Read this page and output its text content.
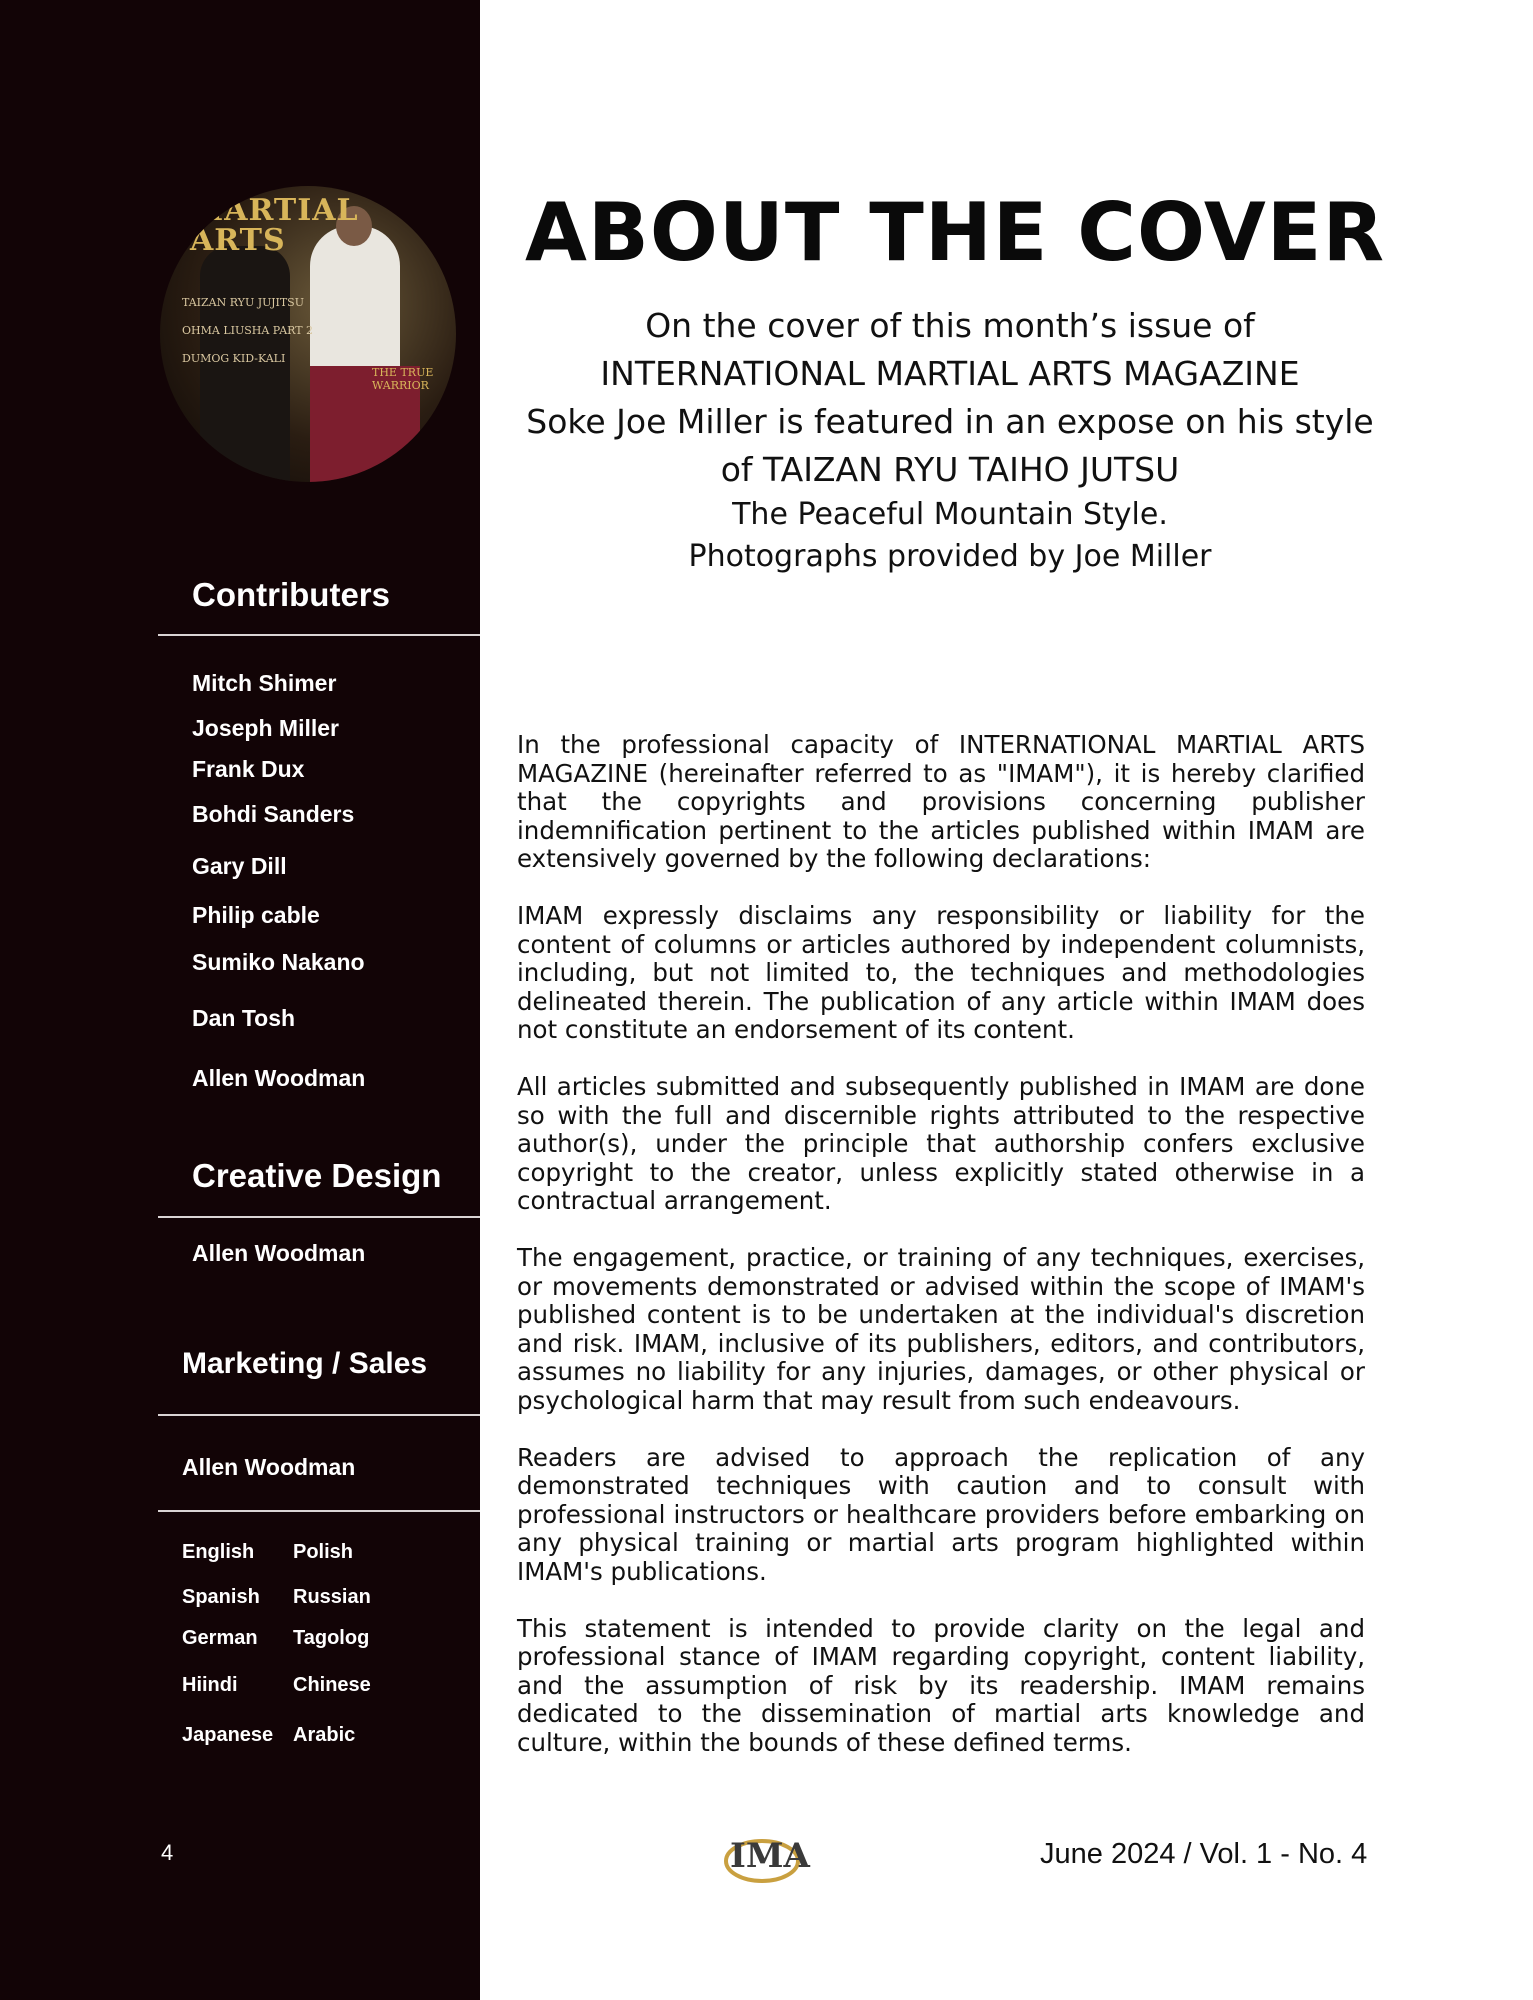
MARTIAL ARTS
TAIZAN RYU JUJITSU
OHMA LIUSHA PART 2
DUMOG KID-KALI
THE TRUE WARRIOR
Contributers
Mitch Shimer
Joseph Miller
Frank Dux
Bohdi Sanders
Gary Dill
Philip cable
Sumiko Nakano
Dan Tosh
Allen Woodman
Creative Design
Allen Woodman
Marketing / Sales
Allen Woodman
English Polish
Spanish Russian
German Tagolog
Hiindi	Chinese
Japanese Arabic
4
ABOUT THE COVER
On the cover of this month’s issue of
INTERNATIONAL MARTIAL ARTS MAGAZINE
Soke Joe Miller is featured in an expose on his style
of TAIZAN RYU TAIHO JUTSU
The Peaceful Mountain Style.
Photographs provided by Joe Miller

In the professional capacity of INTERNATIONAL MARTIAL ARTS MAGAZINE (hereinafter referred to as "IMAM"), it is hereby clarified that the copyrights and provisions concerning publisher indemnification pertinent to the articles published within IMAM are extensively governed by the following declarations:

IMAM expressly disclaims any responsibility or liability for the content of columns or articles authored by independent columnists, including, but not limited to, the techniques and methodologies delineated therein. The publication of any article within IMAM does not constitute an endorsement of its content.

All articles submitted and subsequently published in IMAM are done so with the full and discernible rights attributed to the respective author(s), under the principle that authorship confers exclusive copyright to the creator, unless explicitly stated otherwise in a contractual arrangement.

The engagement, practice, or training of any techniques, exercises, or movements demonstrated or advised within the scope of IMAM's published content is to be undertaken at the individual's discretion and risk. IMAM, inclusive of its publishers, editors, and contributors, assumes no liability for any injuries, damages, or other physical or psychological harm that may result from such endeavours.

Readers are advised to approach the replication of any demonstrated techniques with caution and to consult with professional instructors or healthcare providers before embarking on any physical training or martial arts program highlighted within IMAM's publications.

This statement is intended to provide clarity on the legal and professional stance of IMAM regarding copyright, content liability, and the assumption of risk by its readership. IMAM remains dedicated to the dissemination of martial arts knowledge and culture, within the bounds of these defined terms.

IMA	June 2024 / Vol. 1 - No. 4
